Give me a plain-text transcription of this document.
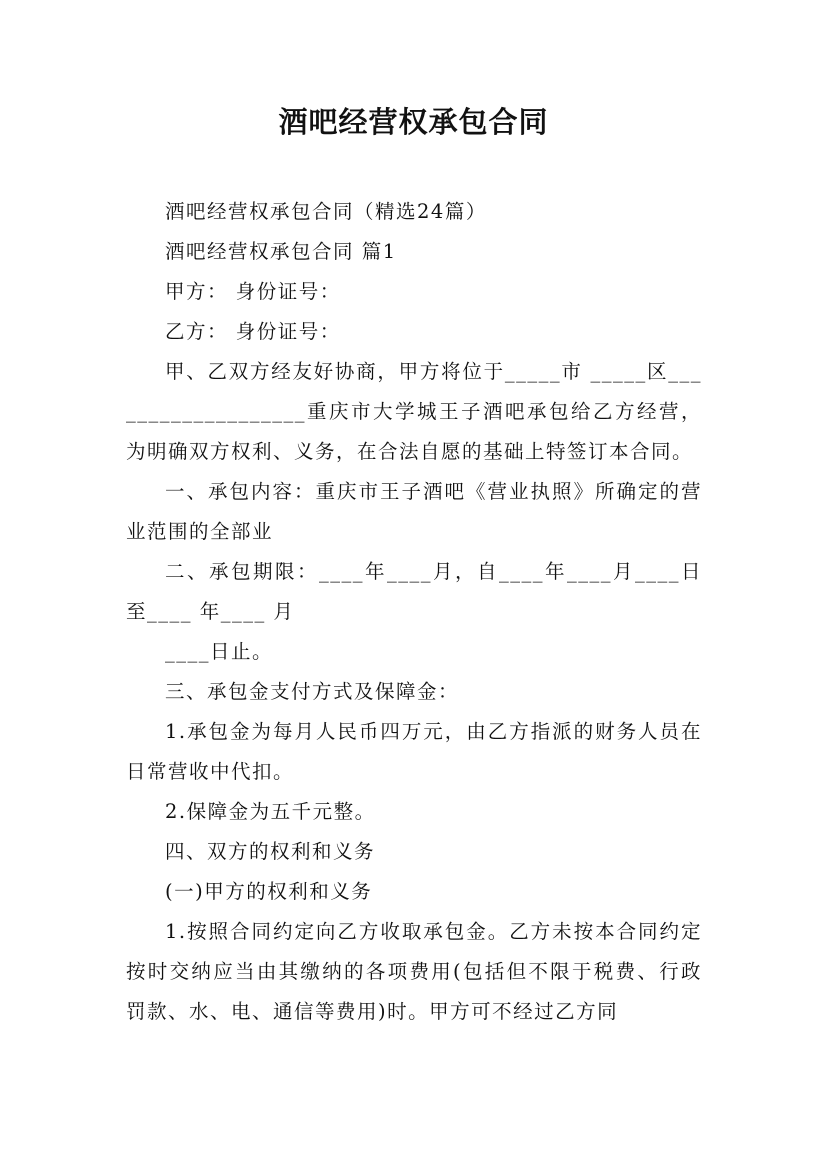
酒吧经营权承包合同

酒吧经营权承包合同（精选24篇）

酒吧经营权承包合同 篇1

甲方： 身份证号：

乙方： 身份证号：

甲、乙双方经友好协商，甲方将位于_____市 _____区___________________重庆市大学城王子酒吧承包给乙方经营，为明确双方权利、义务，在合法自愿的基础上特签订本合同。

一、承包内容：重庆市王子酒吧《营业执照》所确定的营业范围的全部业

二、承包期限：____年____月，自____年____月____日至____ 年____ 月

____日止。

三、承包金支付方式及保障金：

1.承包金为每月人民币四万元，由乙方指派的财务人员在日常营收中代扣。

2.保障金为五千元整。

四、双方的权利和义务

(一)甲方的权利和义务

1.按照合同约定向乙方收取承包金。乙方未按本合同约定按时交纳应当由其缴纳的各项费用(包括但不限于税费、行政罚款、水、电、通信等费用)时。甲方可不经过乙方同
